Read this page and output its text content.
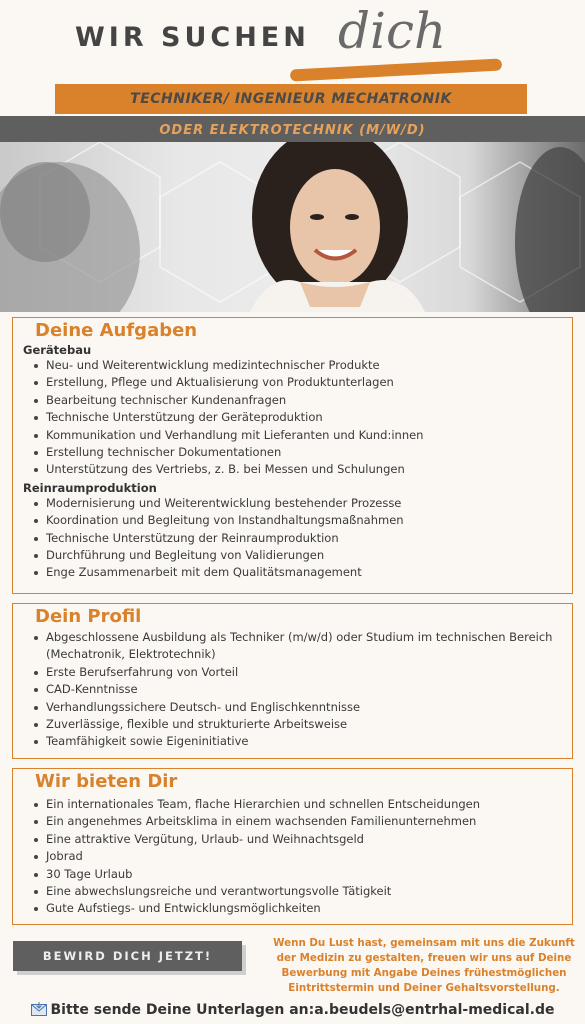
WIR SUCHEN dich
TECHNIKER/ INGENIEUR MECHATRONIK
ODER ELEKTROTECHNIK (M/W/D)
Deine Aufgaben
Gerätebau
Neu- und Weiterentwicklung medizintechnischer Produkte
Erstellung, Pflege und Aktualisierung von Produktunterlagen
Bearbeitung technischer Kundenanfragen
Technische Unterstützung der Geräteproduktion
Kommunikation und Verhandlung mit Lieferanten und Kund:innen
Erstellung technischer Dokumentationen
Unterstützung des Vertriebs, z. B. bei Messen und Schulungen
Reinraumproduktion
Modernisierung und Weiterentwicklung bestehender Prozesse
Koordination und Begleitung von Instandhaltungsmaßnahmen
Technische Unterstützung der Reinraumproduktion
Durchführung und Begleitung von Validierungen
Enge Zusammenarbeit mit dem Qualitätsmanagement
Dein Profil
Abgeschlossene Ausbildung als Techniker (m/w/d) oder Studium im technischen Bereich (Mechatronik, Elektrotechnik)
Erste Berufserfahrung von Vorteil
CAD-Kenntnisse
Verhandlungssichere Deutsch- und Englischkenntnisse
Zuverlässige, flexible und strukturierte Arbeitsweise
Teamfähigkeit sowie Eigeninitiative
Wir bieten Dir
Ein internationales Team, flache Hierarchien und schnellen Entscheidungen
Ein angenehmes Arbeitsklima in einem wachsenden Familienunternehmen
Eine attraktive Vergütung, Urlaub- und Weihnachtsgeld
Jobrad
30 Tage Urlaub
Eine abwechslungsreiche und verantwortungsvolle Tätigkeit
Gute Aufstiegs- und Entwicklungsmöglichkeiten
BEWIRD DICH JETZT!
Wenn Du Lust hast, gemeinsam mit uns die Zukunft der Medizin zu gestalten, freuen wir uns auf Deine Bewerbung mit Angabe Deines frühestmöglichen Eintrittstermin und Deiner Gehaltsvorstellung.
Bitte sende Deine Unterlagen an:a.beudels@entrhal-medical.de
